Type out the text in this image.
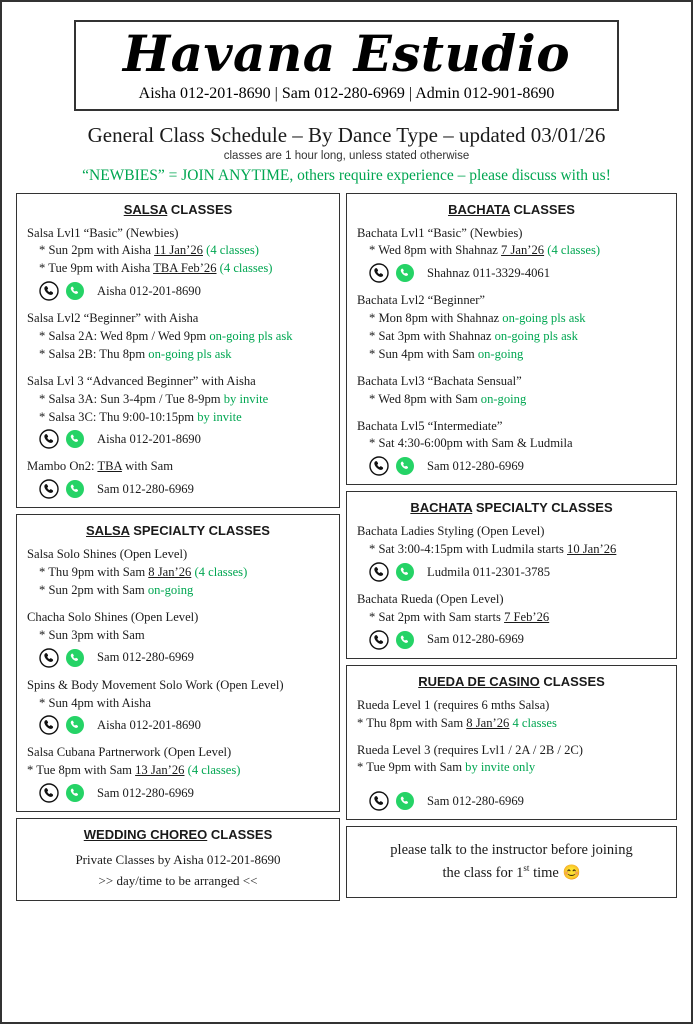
Havana Estudio
Aisha 012-201-8690 | Sam 012-280-6969 | Admin 012-901-8690
General Class Schedule – By Dance Type – updated 03/01/26
classes are 1 hour long, unless stated otherwise
“NEWBIES” = JOIN ANYTIME, others require experience – please discuss with us!
SALSA CLASSES
Salsa Lvl1 “Basic” (Newbies)
* Sun 2pm with Aisha 11 Jan’26 (4 classes)
* Tue 9pm with Aisha TBA Feb’26 (4 classes)
Aisha 012-201-8690
Salsa Lvl2 “Beginner” with Aisha
* Salsa 2A: Wed 8pm / Wed 9pm on-going pls ask
* Salsa 2B: Thu 8pm on-going pls ask
Salsa Lvl 3 “Advanced Beginner” with Aisha
* Salsa 3A: Sun 3-4pm / Tue 8-9pm by invite
* Salsa 3C: Thu 9:00-10:15pm by invite
Aisha 012-201-8690
Mambo On2: TBA with Sam
Sam 012-280-6969
SALSA SPECIALTY CLASSES
Salsa Solo Shines (Open Level)
* Thu 9pm with Sam 8 Jan’26 (4 classes)
* Sun 2pm with Sam on-going
Chacha Solo Shines (Open Level)
* Sun 3pm with Sam
Sam 012-280-6969
Spins & Body Movement Solo Work (Open Level)
* Sun 4pm with Aisha
Aisha 012-201-8690
Salsa Cubana Partnerwork (Open Level)
* Tue 8pm with Sam 13 Jan’26 (4 classes)
Sam 012-280-6969
WEDDING CHOREO CLASSES
Private Classes by Aisha 012-201-8690
>> day/time to be arranged <<
BACHATA CLASSES
Bachata Lvl1 “Basic” (Newbies)
* Wed 8pm with Shahnaz 7 Jan’26 (4 classes)
Shahnaz 011-3329-4061
Bachata Lvl2 “Beginner”
* Mon 8pm with Shahnaz on-going pls ask
* Sat 3pm with Shahnaz on-going pls ask
* Sun 4pm with Sam on-going
Bachata Lvl3 “Bachata Sensual”
* Wed 8pm with Sam on-going
Bachata Lvl5 “Intermediate”
* Sat 4:30-6:00pm with Sam & Ludmila
Sam 012-280-6969
BACHATA SPECIALTY CLASSES
Bachata Ladies Styling (Open Level)
* Sat 3:00-4:15pm with Ludmila starts 10 Jan’26
Ludmila 011-2301-3785
Bachata Rueda (Open Level)
* Sat 2pm with Sam starts 7 Feb’26
Sam 012-280-6969
RUEDA DE CASINO CLASSES
Rueda Level 1 (requires 6 mths Salsa)
* Thu 8pm with Sam 8 Jan’26 4 classes
Rueda Level 3 (requires Lvl1 / 2A / 2B / 2C)
* Tue 9pm with Sam by invite only
Sam 012-280-6969
please talk to the instructor before joining
the class for 1st time 😊
